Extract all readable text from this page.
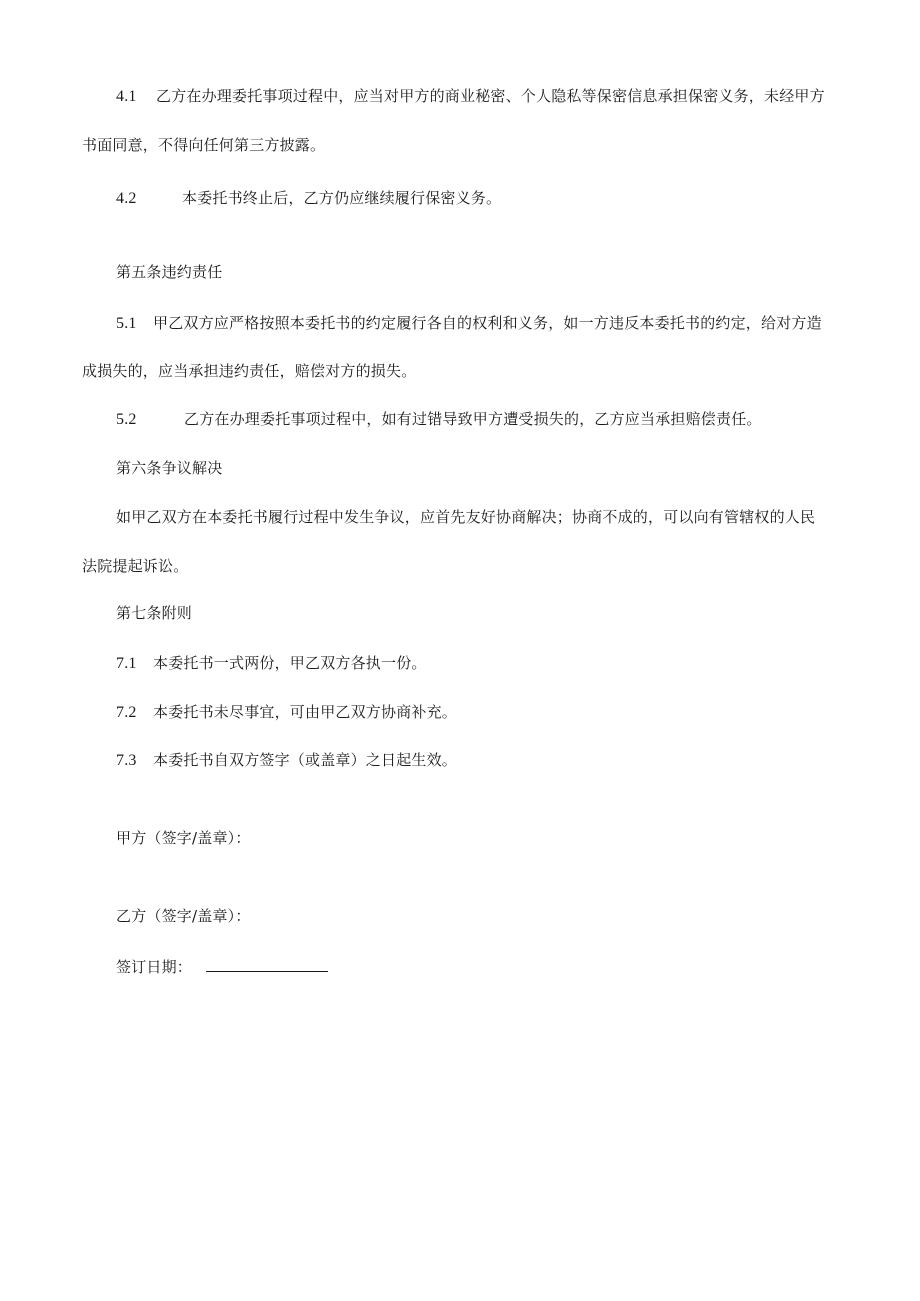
4.1 乙方在办理委托事项过程中，应当对甲方的商业秘密、个人隐私等保密信息承担保密义务，未经甲方
书面同意，不得向任何第三方披露。
4.2	本委托书终止后，乙方仍应继续履行保密义务。
第五条违约责任
5.1 甲乙双方应严格按照本委托书的约定履行各自的权利和义务，如一方违反本委托书的约定，给对方造
成损失的，应当承担违约责任，赔偿对方的损失。
5.2	乙方在办理委托事项过程中，如有过错导致甲方遭受损失的，乙方应当承担赔偿责任。
第六条争议解决
如甲乙双方在本委托书履行过程中发生争议，应首先友好协商解决；协商不成的，可以向有管辖权的人民
法院提起诉讼。
第七条附则
7.1 本委托书一式两份，甲乙双方各执一份。
7.2 本委托书未尽事宜，可由甲乙双方协商补充。
7.3 本委托书自双方签字（或盖章）之日起生效。
甲方（签字/盖章）：
乙方（签字/盖章）：
签订日期：
